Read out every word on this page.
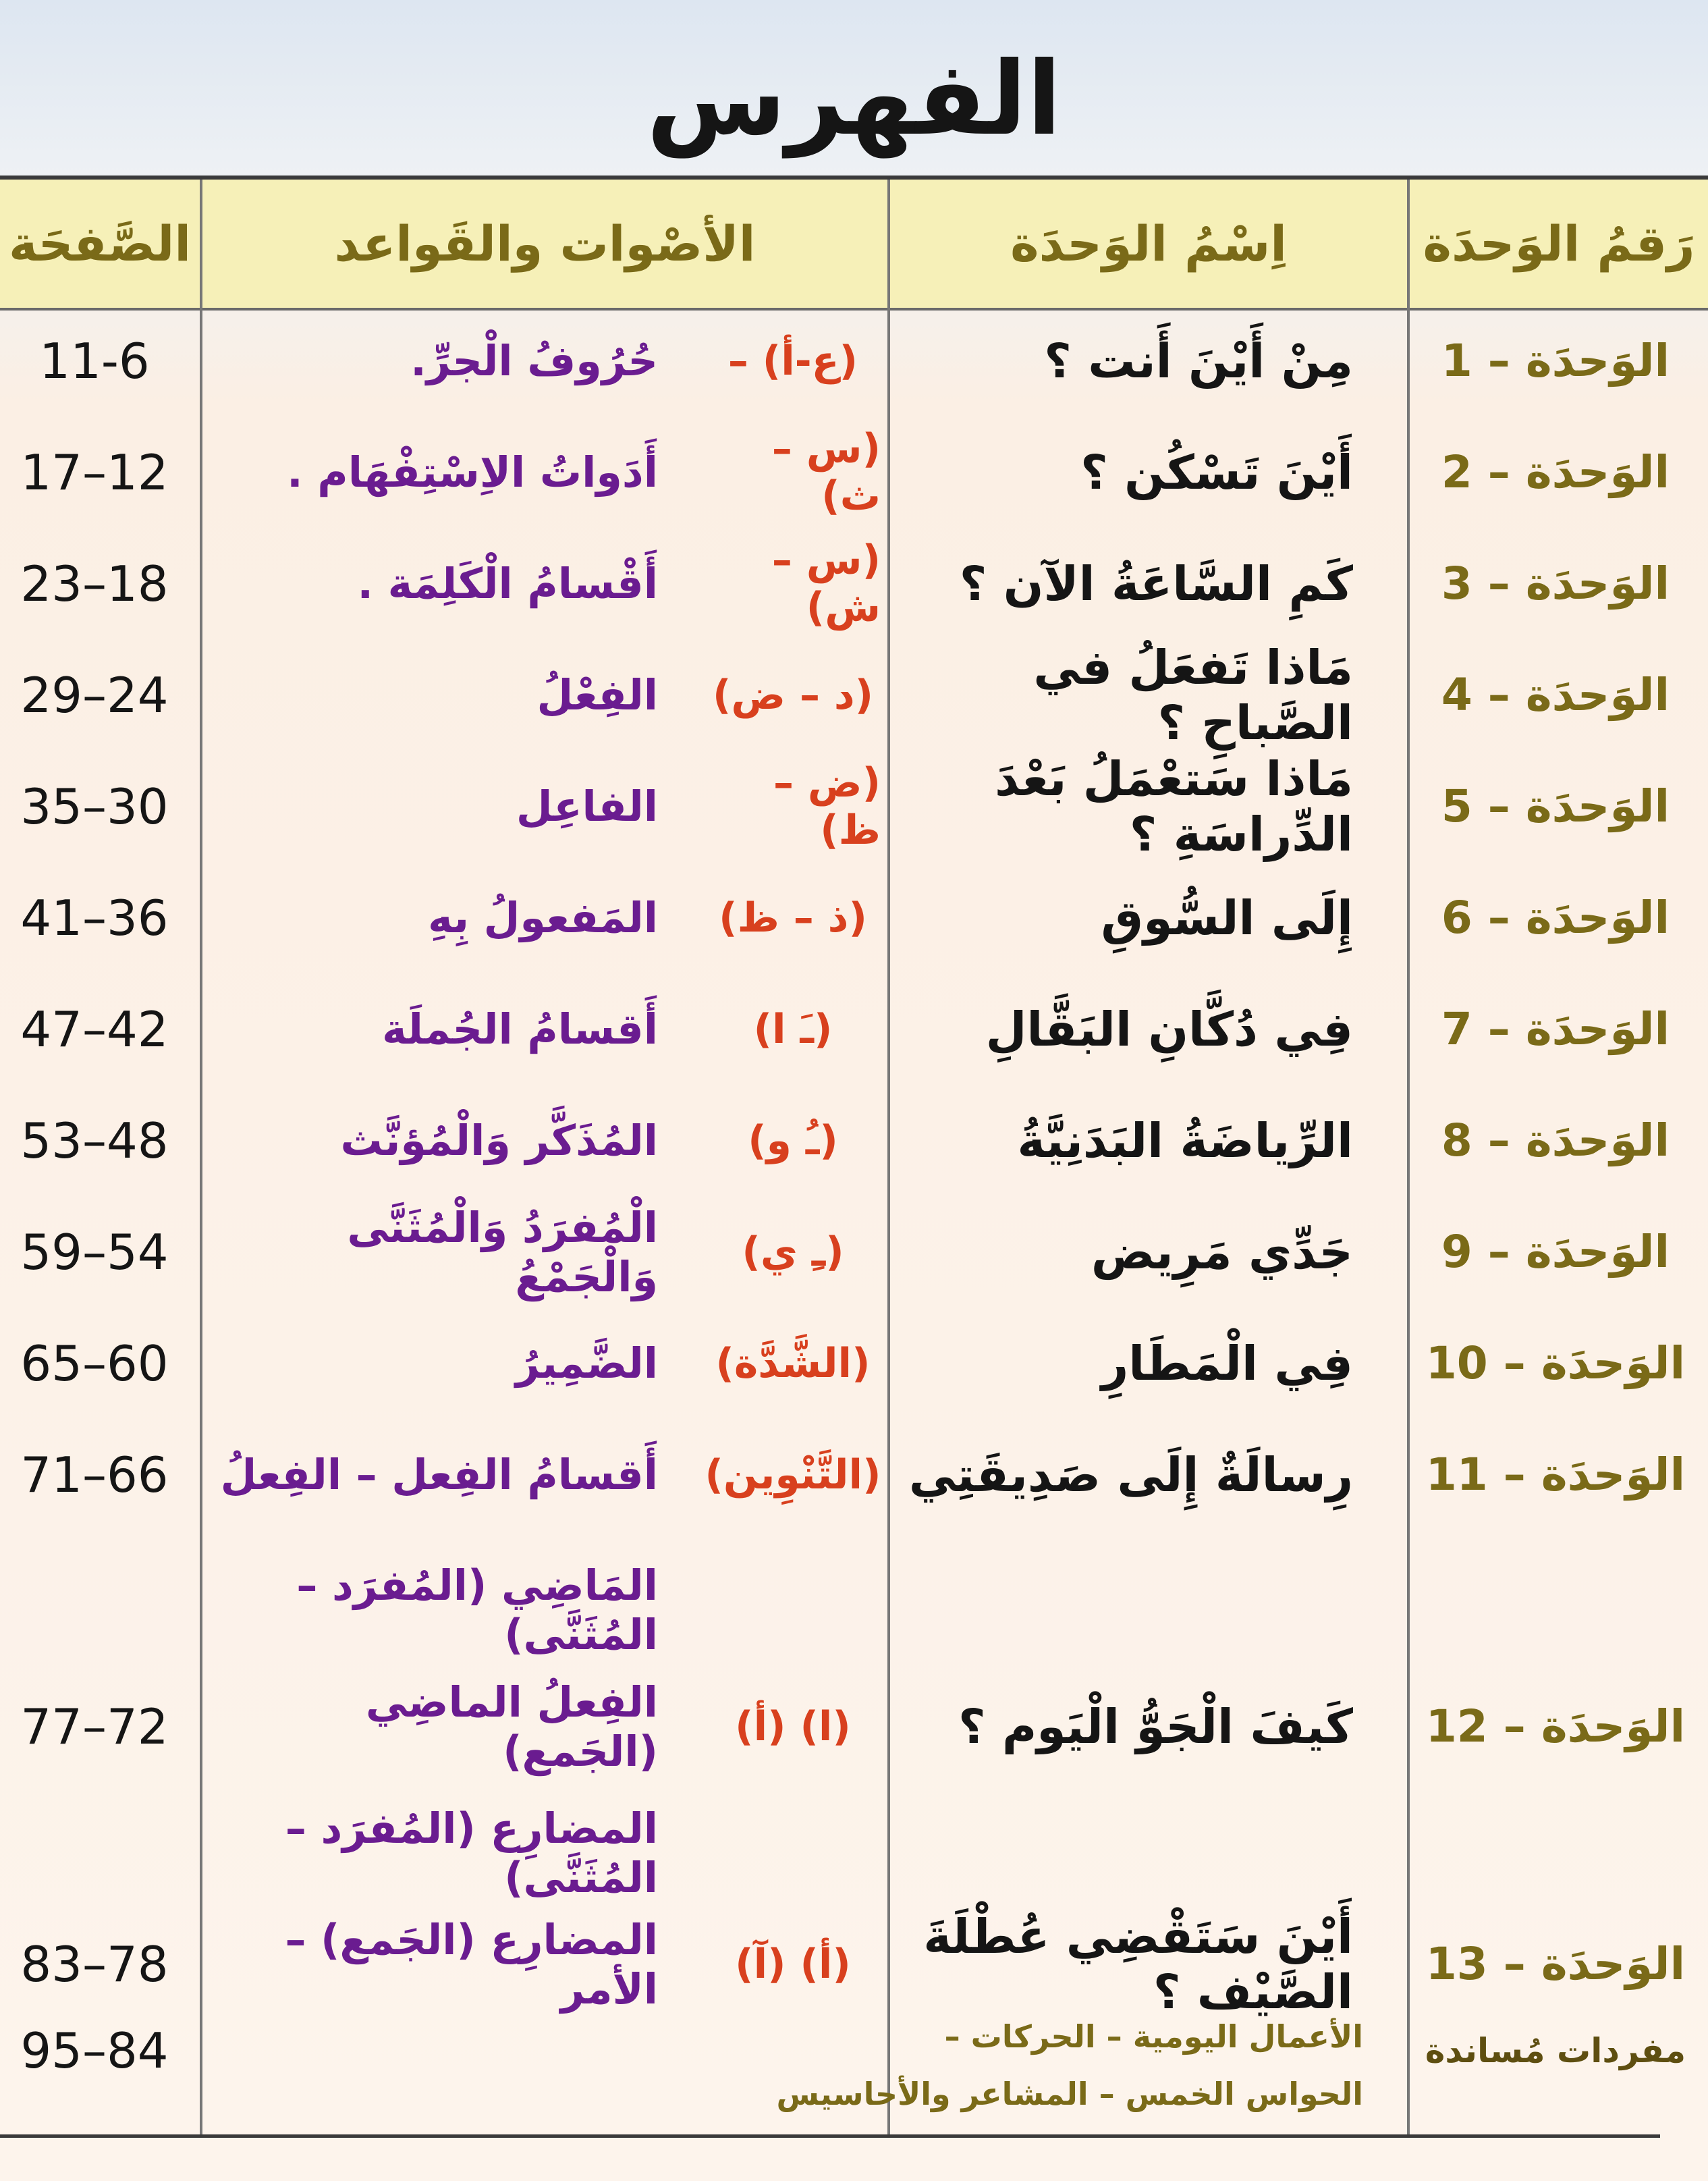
الفهرس
رَقمُ الوَحدَة
اِسْمُ الوَحدَة
الأصْوات والقَواعد
الصَّفحَة
الوَحدَة – 1
مِنْ أَيْنَ أَنت ؟
(ع-أ) –
حُرُوفُ الْجرِّ.
11-6
الوَحدَة – 2
أَيْنَ تَسْكُن ؟
(س – ث)
أَدَواتُ الاِسْتِفْهَام .
17–12
الوَحدَة – 3
كَمِ السَّاعَةُ الآن ؟
(س – ش)
أَقْسامُ الْكَلِمَة .
23–18
الوَحدَة – 4
مَاذا تَفعَلُ في الصَّباحِ ؟
(د – ض)
الفِعْلُ
29–24
الوَحدَة – 5
مَاذا سَتعْمَلُ بَعْدَ الدِّراسَةِ ؟
(ض – ظ)
الفاعِل
35–30
الوَحدَة – 6
إِلَى السُّوقِ
(ذ – ظ)
المَفعولُ بِهِ
41–36
الوَحدَة – 7
فِي دُكَّانِ البَقَّالِ
(ـَ ا)
أَقسامُ الجُملَة
47–42
الوَحدَة – 8
الرِّياضَةُ البَدَنِيَّةُ
(ـُ و)
المُذَكَّر وَالْمُؤنَّث
53–48
الوَحدَة – 9
جَدِّي مَرِيض
(ـِ ي)
الْمُفرَدُ وَالْمُثَنَّى وَالْجَمْعُ
59–54
الوَحدَة – 10
فِي الْمَطَارِ
(الشَّدَّة)
الضَّمِيرُ
65–60
الوَحدَة – 11
رِسالَةٌ إِلَى صَدِيقَتِي
(التَّنْوِين)
أَقسامُ الفِعل – الفِعلُ
71–66
المَاضِي (المُفرَد – المُثَنَّى)
الوَحدَة – 12
كَيفَ الْجَوُّ الْيَوم ؟
(ا) (أ)
الفِعلُ الماضِي (الجَمع)
77–72
المضارِع (المُفرَد – المُثَنَّى)
الوَحدَة – 13
أَيْنَ سَتَقْضِي عُطْلَةَ الصَّيْف ؟
(أ) (آ)
المضارِع (الجَمع) – الأمر
83–78
مفردات مُساندة
95–84	الأعمال اليومية – الحركات –
الحواس الخمس – المشاعر والأحاسيس
